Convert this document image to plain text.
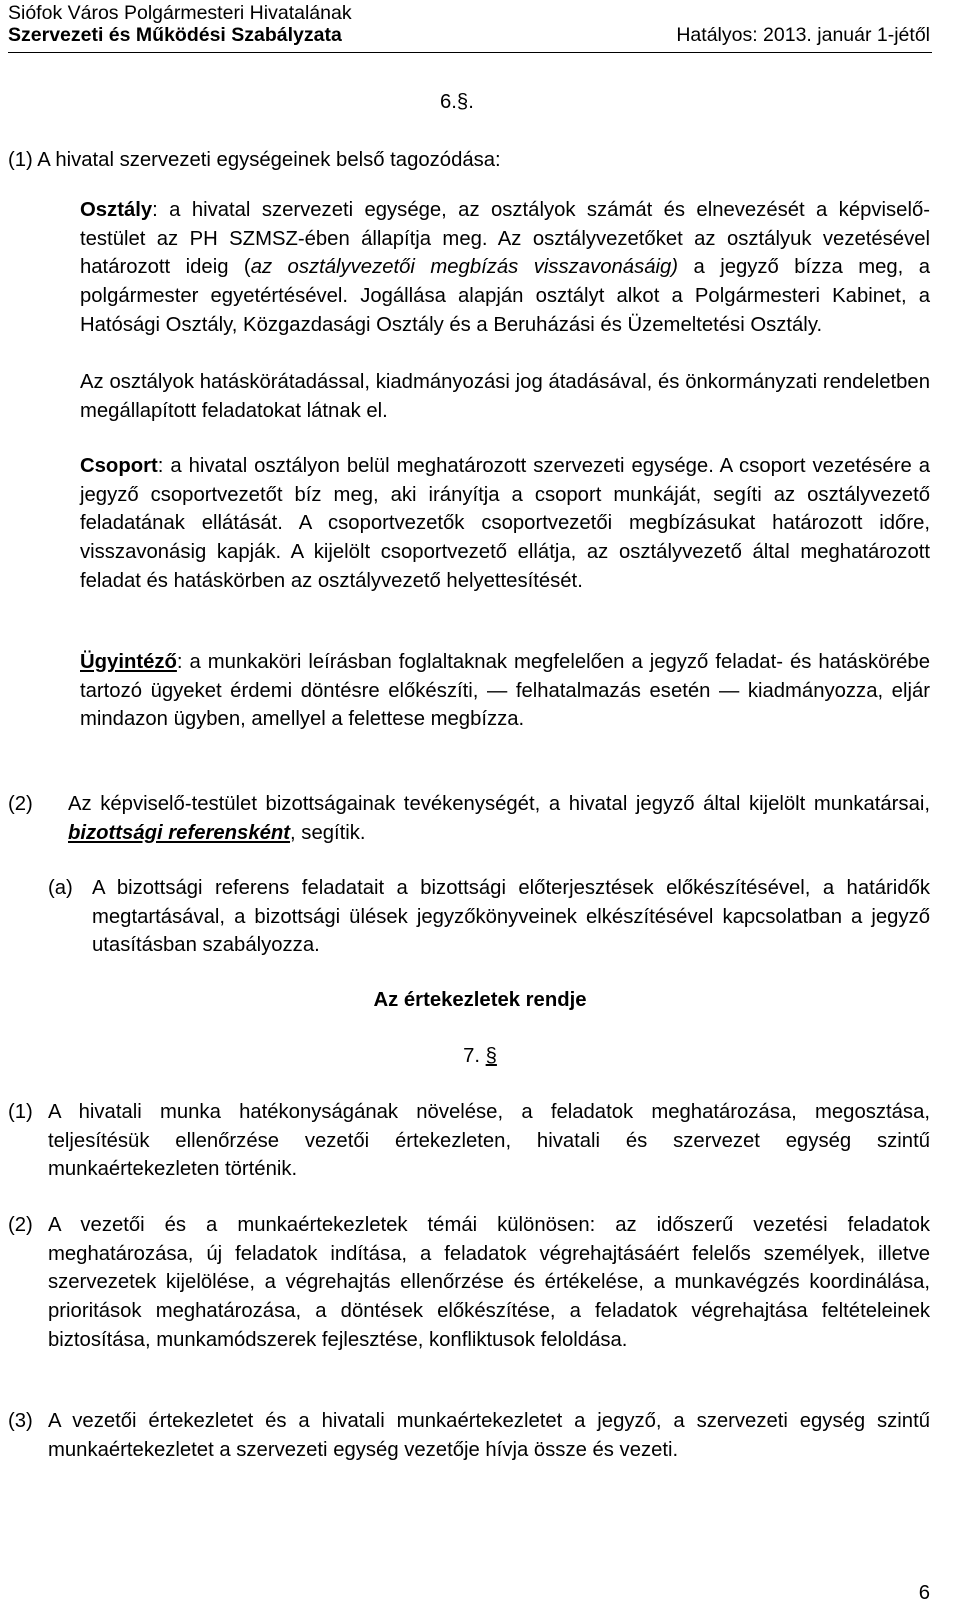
Siófok Város Polgármesteri Hivatalának
Szervezeti és Működési Szabályzata	Hatályos: 2013. január 1-jétől
6.§.
(1) A hivatal szervezeti egységeinek belső tagozódása:
Osztály: a hivatal szervezeti egysége, az osztályok számát és elnevezését a képviselő-testület az PH SZMSZ-ében állapítja meg. Az osztályvezetőket az osztályuk vezetésével határozott ideig (az osztályvezetői megbízás visszavonásáig) a jegyző bízza meg, a polgármester egyetértésével. Jogállása alapján osztályt alkot a Polgármesteri Kabinet, a Hatósági Osztály, Közgazdasági Osztály és a Beruházási és Üzemeltetési Osztály.
Az osztályok hatáskörátadással, kiadmányozási jog átadásával, és önkormányzati rendeletben megállapított feladatokat látnak el.
Csoport: a hivatal osztályon belül meghatározott szervezeti egysége. A csoport vezetésére a jegyző csoportvezetőt bíz meg, aki irányítja a csoport munkáját, segíti az osztályvezető feladatának ellátását. A csoportvezetők csoportvezetői megbízásukat határozott időre, visszavonásig kapják. A kijelölt csoportvezető ellátja, az osztályvezető által meghatározott feladat és hatáskörben az osztályvezető helyettesítését.
Ügyintéző: a munkaköri leírásban foglaltaknak megfelelően a jegyző feladat- és hatáskörébe tartozó ügyeket érdemi döntésre előkészíti, ― felhatalmazás esetén ― kiadmányozza, eljár mindazon ügyben, amellyel a felettese megbízza.
(2) Az képviselő-testület bizottságainak tevékenységét, a hivatal jegyző által kijelölt munkatársai, bizottsági referensként, segítik.
(a) A bizottsági referens feladatait a bizottsági előterjesztések előkészítésével, a határidők megtartásával, a bizottsági ülések jegyzőkönyveinek elkészítésével kapcsolatban a jegyző utasításban szabályozza.
Az értekezletek rendje
7. §
(1) A hivatali munka hatékonyságának növelése, a feladatok meghatározása, megosztása, teljesítésük ellenőrzése vezetői értekezleten, hivatali és szervezet egység szintű munkaértekezleten történik.
(2) A vezetői és a munkaértekezletek témái különösen: az időszerű vezetési feladatok meghatározása, új feladatok indítása, a feladatok végrehajtásáért felelős személyek, illetve szervezetek kijelölése, a végrehajtás ellenőrzése és értékelése, a munkavégzés koordinálása, prioritások meghatározása, a döntések előkészítése, a feladatok végrehajtása feltételeinek biztosítása, munkamódszerek fejlesztése, konfliktusok feloldása.
(3) A vezetői értekezletet és a hivatali munkaértekezletet a jegyző, a szervezeti egység szintű munkaértekezletet a szervezeti egység vezetője hívja össze és vezeti.
6
